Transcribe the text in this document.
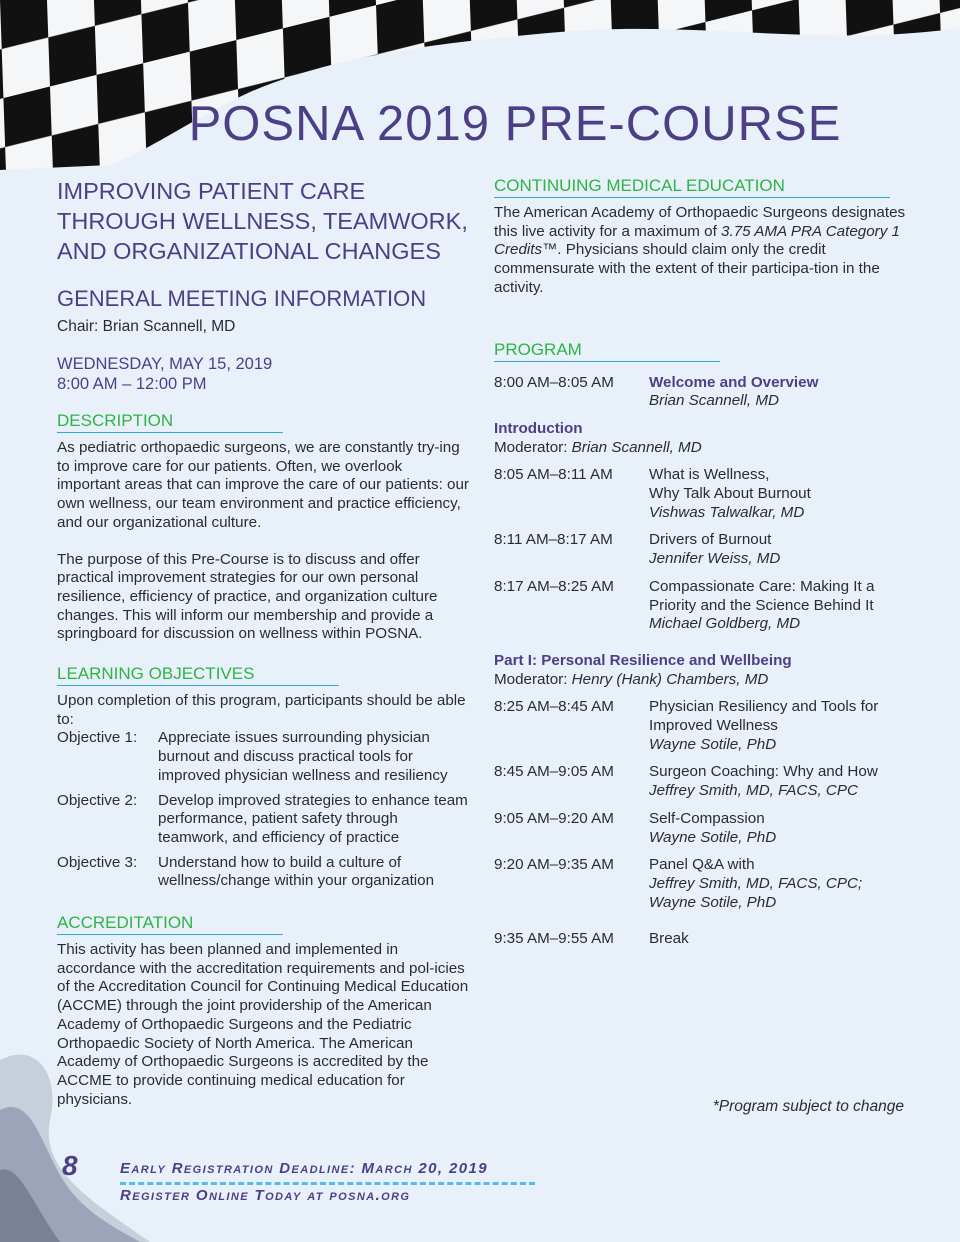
POSNA 2019 PRE-COURSE
IMPROVING PATIENT CARE
THROUGH WELLNESS, TEAMWORK,
AND ORGANIZATIONAL CHANGES
GENERAL MEETING INFORMATION

Chair: Brian Scannell, MD

WEDNESDAY, MAY 15, 2019
8:00 AM – 12:00 PM

DESCRIPTION

As pediatric orthopaedic surgeons, we are constantly try-ing to improve care for our patients. Often, we overlook important areas that can improve the care of our patients: our own wellness, our team environment and practice efficiency, and our organizational culture.

The purpose of this Pre-Course is to discuss and offer practical improvement strategies for our own personal resilience, efficiency of practice, and organization culture changes. This will inform our membership and provide a springboard for discussion on wellness within POSNA.

LEARNING OBJECTIVES

Upon completion of this program, participants should be able to:

Objective 1:	Appreciate issues surrounding physician burnout and discuss practical tools for improved physician wellness and resiliency
Objective 2:	Develop improved strategies to enhance team performance, patient safety through teamwork, and efficiency of practice
Objective 3:	Understand how to build a culture of wellness/change within your organization
ACCREDITATION

This activity has been planned and implemented in accordance with the accreditation requirements and pol-icies of the Accreditation Council for Continuing Medical Education (ACCME) through the joint providership of the American Academy of Orthopaedic Surgeons and the Pediatric Orthopaedic Society of North America. The American Academy of Orthopaedic Surgeons is accredited by the ACCME to provide continuing medical education for physicians.

CONTINUING MEDICAL EDUCATION

The American Academy of Orthopaedic Surgeons designates this live activity for a maximum of 3.75 AMA PRA Category 1 Credits™. Physicians should claim only the credit commensurate with the extent of their participa-tion in the activity.

PROGRAM
8:00 AM–8:05 AM	Welcome and Overview
Brian Scannell, MD
Introduction
Moderator: Brian Scannell, MD
8:05 AM–8:11 AM	What is Wellness,
Why Talk About Burnout
Vishwas Talwalkar, MD
8:11 AM–8:17 AM	Drivers of Burnout
Jennifer Weiss, MD
8:17 AM–8:25 AM	Compassionate Care: Making It a
Priority and the Science Behind It
Michael Goldberg, MD
Part I: Personal Resilience and Wellbeing
Moderator: Henry (Hank) Chambers, MD
8:25 AM–8:45 AM	Physician Resiliency and Tools for
Improved Wellness
Wayne Sotile, PhD
8:45 AM–9:05 AM	Surgeon Coaching: Why and How
Jeffrey Smith, MD, FACS, CPC
9:05 AM–9:20 AM	Self-Compassion
Wayne Sotile, PhD
9:20 AM–9:35 AM	Panel Q&A with
Jeffrey Smith, MD, FACS, CPC;
Wayne Sotile, PhD
9:35 AM–9:55 AM	Break
*Program subject to change
8	Early Registration Deadline: March 20, 2019
Register Online Today at posna.org
